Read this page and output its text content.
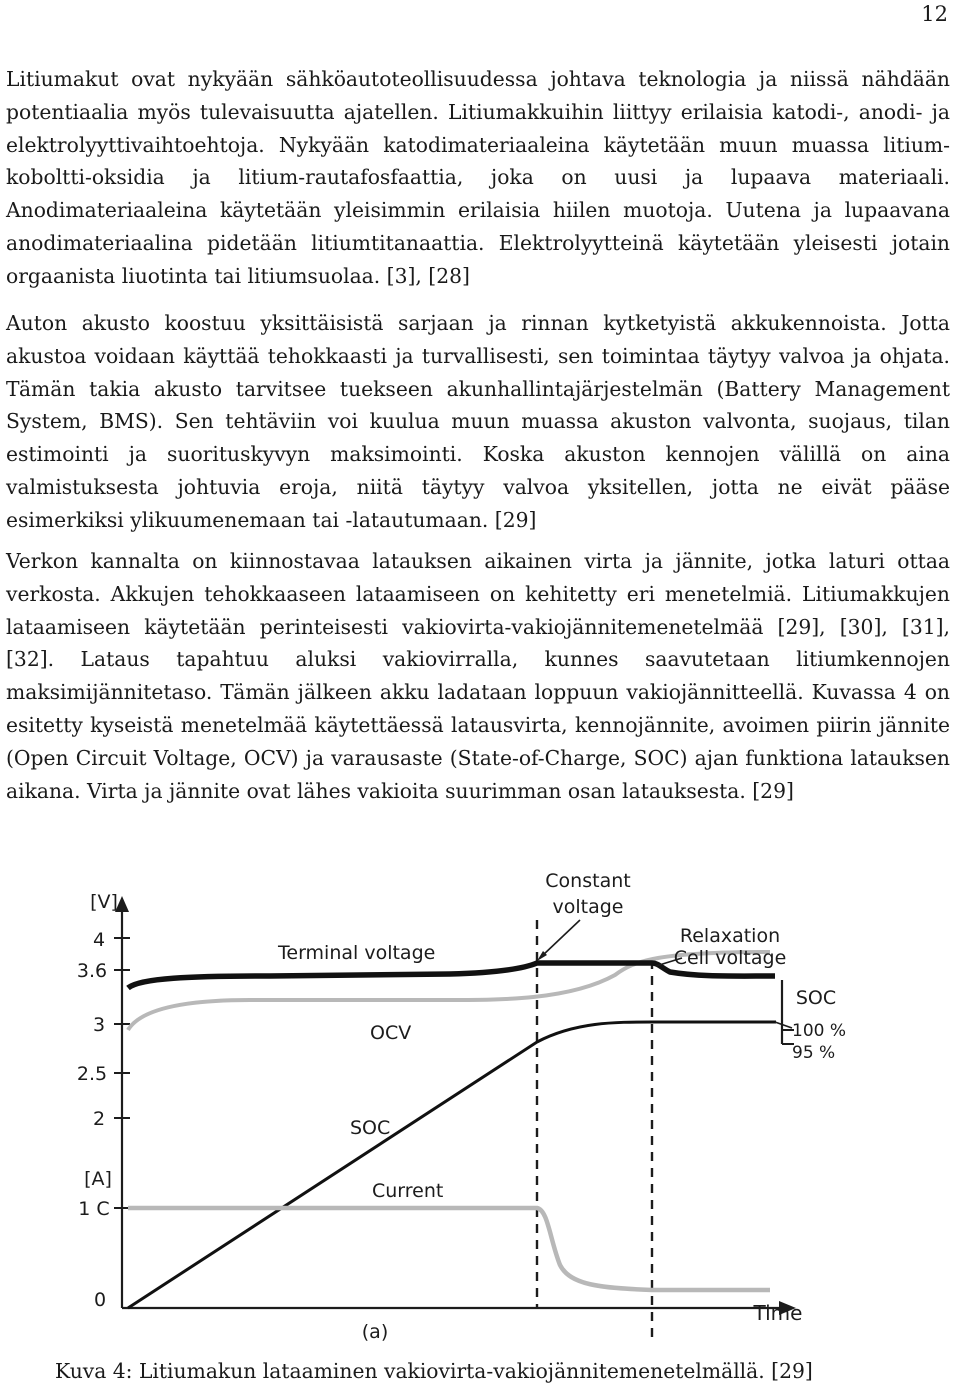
12

Litiumakut ovat nykyään sähköautoteollisuudessa johtava teknologia ja niissä nähdään potentiaalia myös tulevaisuutta ajatellen. Litiumakkuihin liittyy erilaisia katodi-, anodi- ja elektrolyyttivaihtoehtoja. Nykyään katodimateriaaleina käytetään muun muassa litium-koboltti-oksidia ja litium-rautafosfaattia, joka on uusi ja lupaava materiaali. Anodimateriaaleina käytetään yleisimmin erilaisia hiilen muotoja. Uutena ja lupaavana anodimateriaalina pidetään litiumtitanaattia. Elektrolyytteinä käytetään yleisesti jotain orgaanista liuotinta tai litiumsuolaa. [3], [28]

Auton akusto koostuu yksittäisistä sarjaan ja rinnan kytketyistä akkukennoista. Jotta akustoa voidaan käyttää tehokkaasti ja turvallisesti, sen toimintaa täytyy valvoa ja ohjata. Tämän takia akusto tarvitsee tuekseen akunhallintajärjestelmän (Battery Management System, BMS). Sen tehtäviin voi kuulua muun muassa akuston valvonta, suojaus, tilan estimointi ja suorituskyvyn maksimointi. Koska akuston kennojen välillä on aina valmistuksesta johtuvia eroja, niitä täytyy valvoa yksitellen, jotta ne eivät pääse esimerkiksi ylikuumenemaan tai -latautumaan. [29]

Verkon kannalta on kiinnostavaa latauksen aikainen virta ja jännite, jotka laturi ottaa verkosta. Akkujen tehokkaaseen lataamiseen on kehitetty eri menetelmiä. Litiumakkujen lataamiseen käytetään perinteisesti vakiovirta-vakiojännitemenetelmää [29], [30], [31], [32]. Lataus tapahtuu aluksi vakiovirralla, kunnes saavutetaan litiumkennojen maksimijännitetaso. Tämän jälkeen akku ladataan loppuun vakiojännitteellä. Kuvassa 4 on esitetty kyseistä menetelmää käytettäessä latausvirta, kennojännite, avoimen piirin jännite (Open Circuit Voltage, OCV) ja varausaste (State-of-Charge, SOC) ajan funktiona latauksen aikana. Virta ja jännite ovat lähes vakioita suurimman osan latauksesta. [29]

[V]
4
3.6
3
2.5
2
[A]
1 C
0
Constant
voltage
Relaxation
Cell voltage
Terminal voltage
OCV
SOC
Current
SOC
100 %
95 %
Time
(a)
Kuva 4: Litiumakun lataaminen vakiovirta-vakiojännitemenetelmällä. [29]
